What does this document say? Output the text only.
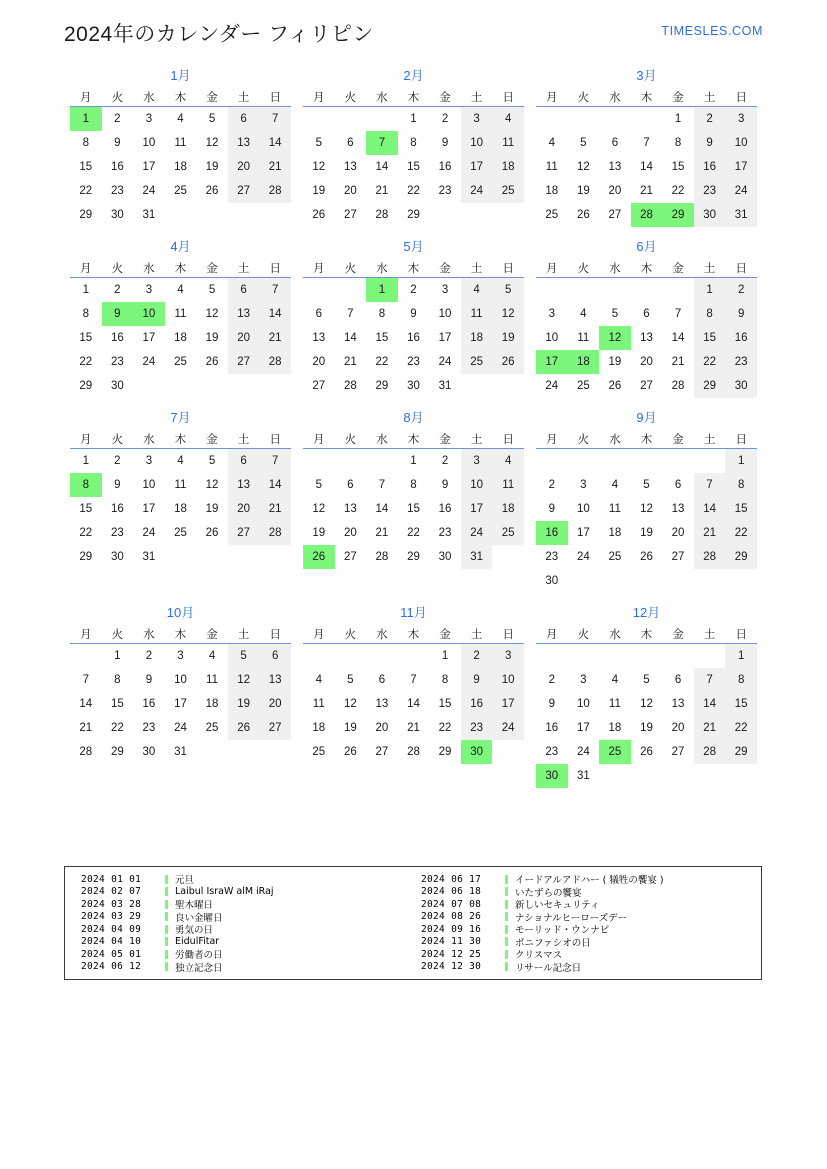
2024年のカレンダー フィリピン	TIMESLES.COM
1月
月	火	水	木	金	土	日
1	2	3	4	5	6	7
8	9	10	11	12	13	14
15	16	17	18	19	20	21
22	23	24	25	26	27	28
29	30	31				
2月
月	火	水	木	金	土	日
			1	2	3	4
5	6	7	8	9	10	11
12	13	14	15	16	17	18
19	20	21	22	23	24	25
26	27	28	29			
3月
月	火	水	木	金	土	日
				1	2	3
4	5	6	7	8	9	10
11	12	13	14	15	16	17
18	19	20	21	22	23	24
25	26	27	28	29	30	31
4月
月	火	水	木	金	土	日
1	2	3	4	5	6	7
8	9	10	11	12	13	14
15	16	17	18	19	20	21
22	23	24	25	26	27	28
29	30					
5月
月	火	水	木	金	土	日
		1	2	3	4	5
6	7	8	9	10	11	12
13	14	15	16	17	18	19
20	21	22	23	24	25	26
27	28	29	30	31		
6月
月	火	水	木	金	土	日
					1	2
3	4	5	6	7	8	9
10	11	12	13	14	15	16
17	18	19	20	21	22	23
24	25	26	27	28	29	30
7月
月	火	水	木	金	土	日
1	2	3	4	5	6	7
8	9	10	11	12	13	14
15	16	17	18	19	20	21
22	23	24	25	26	27	28
29	30	31				
8月
月	火	水	木	金	土	日
			1	2	3	4
5	6	7	8	9	10	11
12	13	14	15	16	17	18
19	20	21	22	23	24	25
26	27	28	29	30	31	
9月
月	火	水	木	金	土	日
						1
2	3	4	5	6	7	8
9	10	11	12	13	14	15
16	17	18	19	20	21	22
23	24	25	26	27	28	29
30						
10月
月	火	水	木	金	土	日
	1	2	3	4	5	6
7	8	9	10	11	12	13
14	15	16	17	18	19	20
21	22	23	24	25	26	27
28	29	30	31			
11月
月	火	水	木	金	土	日
				1	2	3
4	5	6	7	8	9	10
11	12	13	14	15	16	17
18	19	20	21	22	23	24
25	26	27	28	29	30	
12月
月	火	水	木	金	土	日
						1
2	3	4	5	6	7	8
9	10	11	12	13	14	15
16	17	18	19	20	21	22
23	24	25	26	27	28	29
30	31					
2024 01 01	元旦
2024 02 07	Laibul IsraW alM iRaj
2024 03 28	聖木曜日
2024 03 29	良い金曜日
2024 04 09	勇気の日
2024 04 10	EidulFitar
2024 05 01	労働者の日
2024 06 12	独立記念日
2024 06 17	イードアルアドハー ( 犠牲の饗宴 )
2024 06 18	いたずらの饗宴
2024 07 08	新しいセキュリティ
2024 08 26	ナショナルヒーローズデー
2024 09 16	モーリッド・ウンナビ
2024 11 30	ボニファシオの日
2024 12 25	クリスマス
2024 12 30	リサール記念日
